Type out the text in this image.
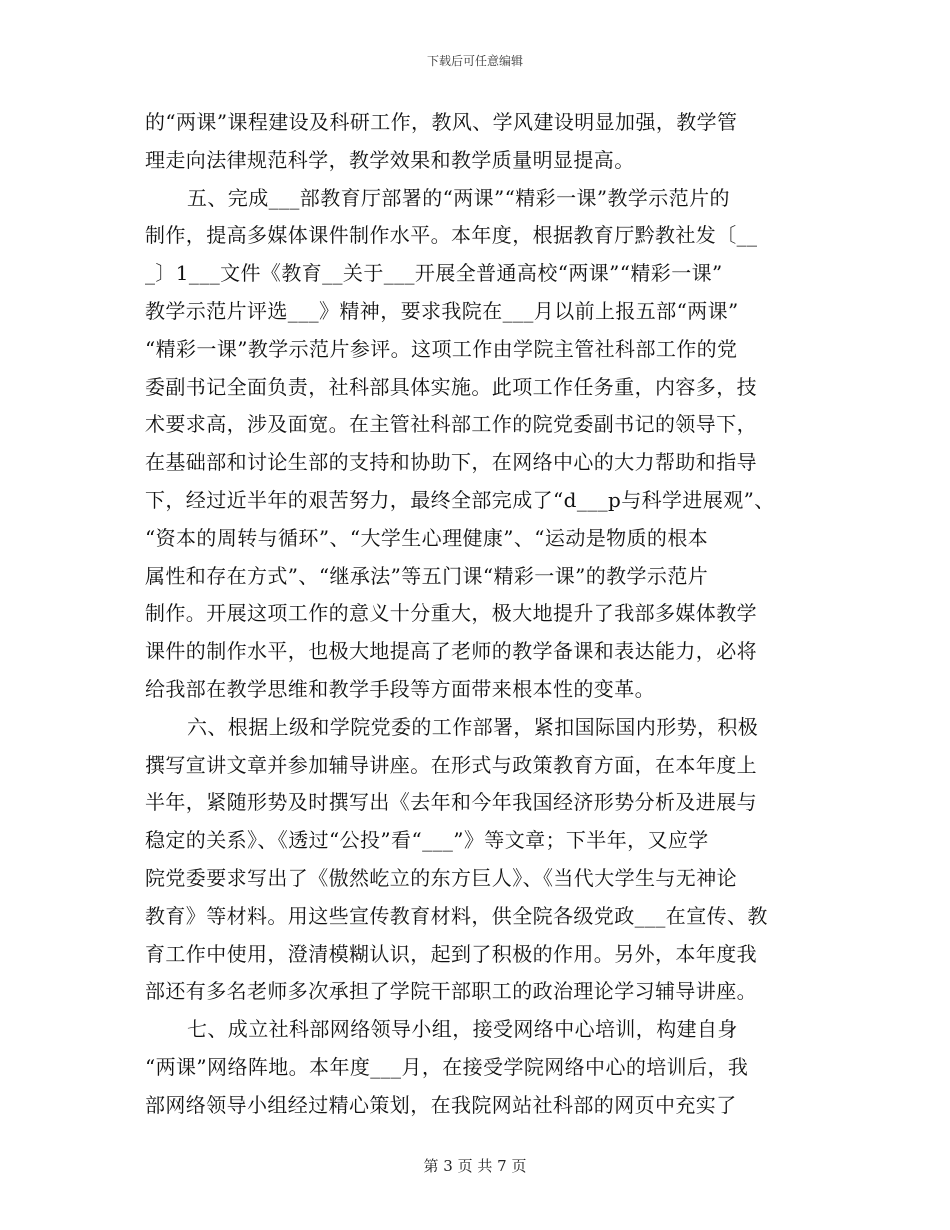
下载后可任意编辑
的“两课”课程建设及科研工作，教风、学风建设明显加强，教学管
理走向法律规范科学，教学效果和教学质量明显提高。
五、完成___部教育厅部署的“两课”“精彩一课”教学示范片的
制作，提高多媒体课件制作水平。本年度，根据教育厅黔教社发〔__
_〕1___文件《教育__关于___开展全普通高校“两课”“精彩一课”
教学示范片评选___》精神，要求我院在___月以前上报五部“两课”
“精彩一课”教学示范片参评。这项工作由学院主管社科部工作的党
委副书记全面负责，社科部具体实施。此项工作任务重，内容多，技
术要求高，涉及面宽。在主管社科部工作的院党委副书记的领导下，
在基础部和讨论生部的支持和协助下，在网络中心的大力帮助和指导
下，经过近半年的艰苦努力，最终全部完成了“d___p与科学进展观”、
“资本的周转与循环”、“大学生心理健康”、“运动是物质的根本
属性和存在方式”、“继承法”等五门课“精彩一课”的教学示范片
制作。开展这项工作的意义十分重大，极大地提升了我部多媒体教学
课件的制作水平，也极大地提高了老师的教学备课和表达能力，必将
给我部在教学思维和教学手段等方面带来根本性的变革。
六、根据上级和学院党委的工作部署，紧扣国际国内形势，积极
撰写宣讲文章并参加辅导讲座。在形式与政策教育方面，在本年度上
半年，紧随形势及时撰写出《去年和今年我国经济形势分析及进展与
稳定的关系》、《透过“公投”看“___”》等文章；下半年，又应学
院党委要求写出了《傲然屹立的东方巨人》、《当代大学生与无神论
教育》等材料。用这些宣传教育材料，供全院各级党政___在宣传、教
育工作中使用，澄清模糊认识，起到了积极的作用。另外，本年度我
部还有多名老师多次承担了学院干部职工的政治理论学习辅导讲座。
七、成立社科部网络领导小组，接受网络中心培训，构建自身
“两课”网络阵地。本年度___月，在接受学院网络中心的培训后，我
部网络领导小组经过精心策划，在我院网站社科部的网页中充实了
第 3 页 共 7 页
